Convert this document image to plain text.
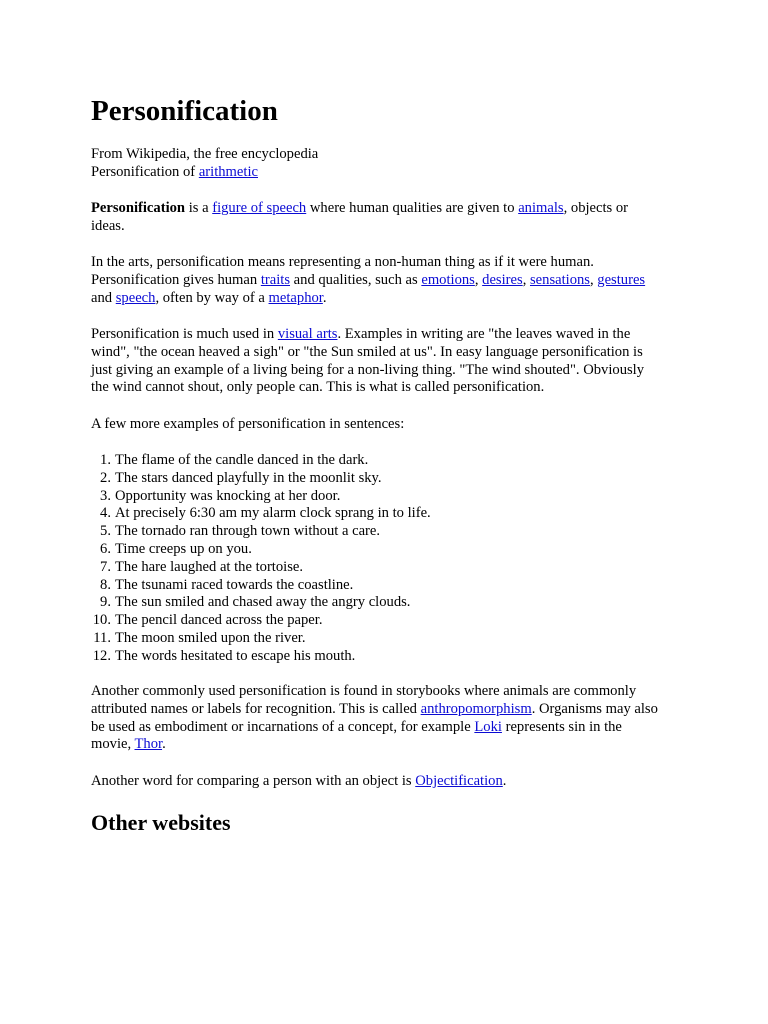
Personification
From Wikipedia, the free encyclopedia
Personification of arithmetic
Personification is a figure of speech where human qualities are given to animals, objects or
ideas.
In the arts, personification means representing a non-human thing as if it were human.
Personification gives human traits and qualities, such as emotions, desires, sensations, gestures
and speech, often by way of a metaphor.
Personification is much used in visual arts. Examples in writing are "the leaves waved in the
wind", "the ocean heaved a sigh" or "the Sun smiled at us". In easy language personification is
just giving an example of a living being for a non-living thing. "The wind shouted". Obviously
the wind cannot shout, only people can. This is what is called personification.
A few more examples of personification in sentences:
1. The flame of the candle danced in the dark.
2. The stars danced playfully in the moonlit sky.
3. Opportunity was knocking at her door.
4. At precisely 6:30 am my alarm clock sprang in to life.
5. The tornado ran through town without a care.
6. Time creeps up on you.
7. The hare laughed at the tortoise.
8. The tsunami raced towards the coastline.
9. The sun smiled and chased away the angry clouds.
10. The pencil danced across the paper.
11. The moon smiled upon the river.
12. The words hesitated to escape his mouth.
Another commonly used personification is found in storybooks where animals are commonly
attributed names or labels for recognition. This is called anthropomorphism. Organisms may also
be used as embodiment or incarnations of a concept, for example Loki represents sin in the
movie, Thor.
Another word for comparing a person with an object is Objectification.
Other websites
